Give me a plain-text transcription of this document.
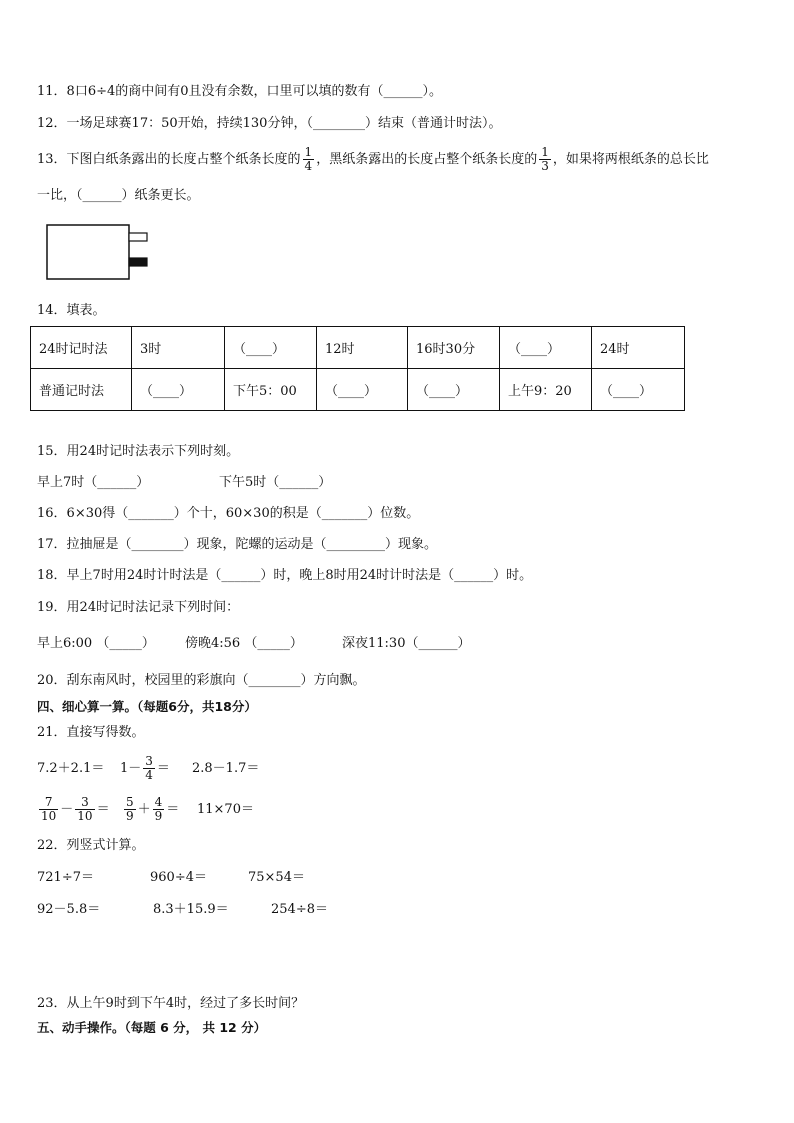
11．8口6÷4的商中间有0且没有余数，口里可以填的数有（______）。
12．一场足球赛17：50开始，持续130分钟，（________）结束（普通计时法）。
13．下图白纸条露出的长度占整个纸条长度的 $\frac{1}{4}$ ，黑纸条露出的长度占整个纸条长度的 $\frac{1}{3}$ ，如果将两根纸条的总长比
一比，（______）纸条更长。
14．填表。
24时记时法	3时	（____）	12时	16时30分	（____）	24时
普通记时法	（____）	下午5：00	（____）	（____）	上午9：20	（____）
15．用24时记时法表示下列时刻。
早上7时（______）	下午5时（______）
16．6×30得（_______）个十，60×30的积是（_______）位数。
17．拉抽屉是（________）现象，陀螺的运动是（_________）现象。
18．早上7时用24时计时法是（______）时，晚上8时用24时计时法是（______）时。
19．用24时记时法记录下列时间：
早上6:00 （_____） 傍晚4:56 （_____）	深夜11:30（______）
20．刮东南风时，校园里的彩旗向（________）方向飘。
四、细心算一算。（每题6分，共18分）
21．直接写得数。
$7.2+2.1= 1- \frac{3}{4} = 2.8-1.7=$
$\frac{7}{10} - \frac{3}{10} = \frac{5}{9} + \frac{4}{9} = 11\times 70=$
22．列竖式计算。
721÷7＝	960÷4＝	75×54＝
92－5.8＝	8.3＋15.9＝	254÷8＝
23．从上午9时到下午4时，经过了多长时间？
五、动手操作。（每题 6 分， 共 12 分）
